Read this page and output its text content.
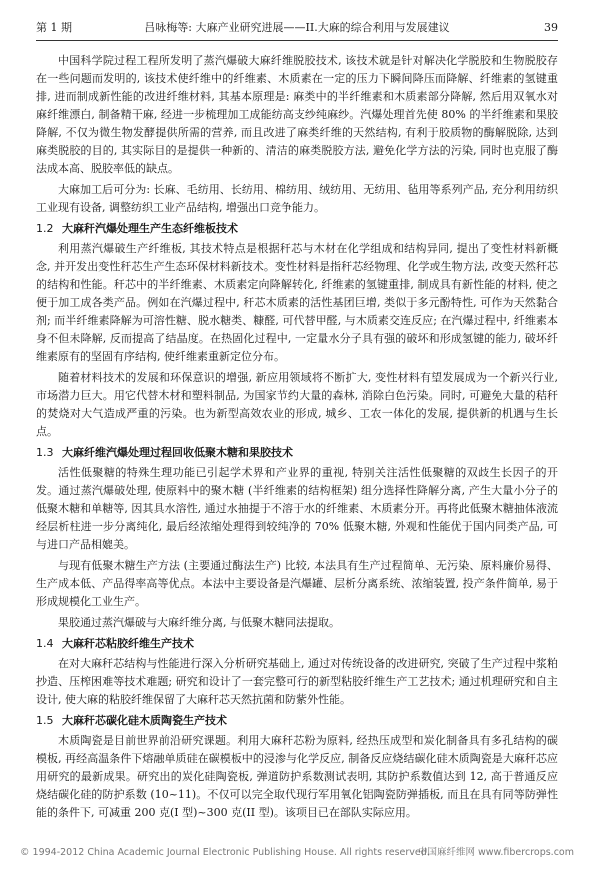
第 1 期	吕咏梅等: 大麻产业研究进展——II.大麻的综合利用与发展建议	39

中国科学院过程工程所发明了蒸汽爆破大麻纤维脱胶技术, 该技术就是针对解决化学脱胶和生物脱胶存在一些问题而发明的, 该技术使纤维中的纤维素、木质素在一定的压力下瞬间降压而降解、纤维素的氢键重排, 进而制成新性能的改进纤维材料, 其基本原理是: 麻类中的半纤维素和木质素部分降解, 然后用双氧水对麻纤维漂白, 制备精干麻, 经进一步梳理加工成能纺高支纱纯麻纱。汽爆处理首先使 80% 的半纤维素和果胶降解, 不仅为微生物发酵提供所需的营养, 而且改进了麻类纤维的天然结构, 有利于胶质物的酶解脱除, 达到麻类脱胶的目的, 其实际目的是提供一种新的、清洁的麻类脱胶方法, 避免化学方法的污染, 同时也克服了酶法成本高、脱胶率低的缺点。

大麻加工后可分为: 长麻、毛纺用、长纺用、棉纺用、绒纺用、无纺用、毡用等系列产品, 充分利用纺织工业现有设备, 调整纺织工业产品结构, 增强出口竞争能力。

1.2 大麻秆汽爆处理生产生态纤维板技术

利用蒸汽爆破生产纤维板, 其技术特点是根据秆芯与木材在化学组成和结构异同, 提出了变性材料新概念, 并开发出变性秆芯生产生态环保材料新技术。变性材料是指秆芯经物理、化学或生物方法, 改变天然秆芯的结构和性能。秆芯中的半纤维素、木质素定向降解转化, 纤维素的氢键重排, 制成具有新性能的材料, 使之便于加工成各类产品。例如在汽爆过程中, 秆芯木质素的活性基团巨增, 类似于多元酚特性, 可作为天然黏合剂; 而半纤维素降解为可溶性糖、脱水糖类、糠醛, 可代替甲醛, 与木质素交连反应; 在汽爆过程中, 纤维素本身不但未降解, 反而提高了结晶度。在热固化过程中, 一定量水分子具有强的破坏和形成氢键的能力, 破坏纤维素原有的坚固有序结构, 使纤维素重新定位分布。

随着材料技术的发展和环保意识的增强, 新应用领域将不断扩大, 变性材料有望发展成为一个新兴行业, 市场潜力巨大。用它代替木材和塑料制品, 为国家节约大量的森林, 消除白色污染。同时, 可避免大量的秸秆的焚烧对大气造成严重的污染。也为新型高效农业的形成, 城乡、工农一体化的发展, 提供新的机遇与生长点。

1.3 大麻纤维汽爆处理过程回收低聚木糖和果胶技术

活性低聚糖的特殊生理功能已引起学术界和产业界的重视, 特别关注活性低聚糖的双歧生长因子的开发。通过蒸汽爆破处理, 使原料中的聚木糖 (半纤维素的结构框架) 组分选择性降解分离, 产生大量小分子的低聚木糖和单糖等, 因其具水溶性, 通过水抽提于不溶于水的纤维素、木质素分开。再将此低聚木糖抽体液流经层析柱进一步分离纯化, 最后经浓缩处理得到较纯净的 70% 低聚木糖, 外观和性能优于国内同类产品, 可与进口产品相媲美。

与现有低聚木糖生产方法 (主要通过酶法生产) 比较, 本法具有生产过程简单、无污染、原料廉价易得、生产成本低、产品得率高等优点。本法中主要设备是汽爆罐、层析分离系统、浓缩装置, 投产条件简单, 易于形成规模化工业生产。

果胶通过蒸汽爆破与大麻纤维分离, 与低聚木糖同法提取。

1.4 大麻秆芯粘胶纤维生产技术

在对大麻秆芯结构与性能进行深入分析研究基础上, 通过对传统设备的改进研究, 突破了生产过程中浆粕抄造、压榨困难等技术难题; 研究和设计了一套完整可行的新型粘胶纤维生产工艺技术; 通过机理研究和自主设计, 使大麻的粘胶纤维保留了大麻秆芯天然抗菌和防紫外性能。

1.5 大麻秆芯碳化硅木质陶瓷生产技术

木质陶瓷是目前世界前沿研究课题。利用大麻秆芯粉为原料, 经热压成型和炭化制备具有多孔结构的碳模板, 再经高温条件下熔融单质硅在碳模板中的浸渗与化学反应, 制备反应烧结碳化硅木质陶瓷是大麻秆芯应用研究的最新成果。研究出的炭化硅陶瓷板, 弹道防护系数测试表明, 其防护系数值达到 12, 高于普通反应烧结碳化硅的防护系数 (10~11)。不仅可以完全取代现行军用氧化铝陶瓷防弹插板, 而且在具有同等防弹性能的条件下, 可减重 200 克(I 型)~300 克(II 型)。该项目已在部队实际应用。

© 1994-2012 China Academic Journal Electronic Publishing House. All rights reserved.
中国麻纤维网 www.fibercrops.com
